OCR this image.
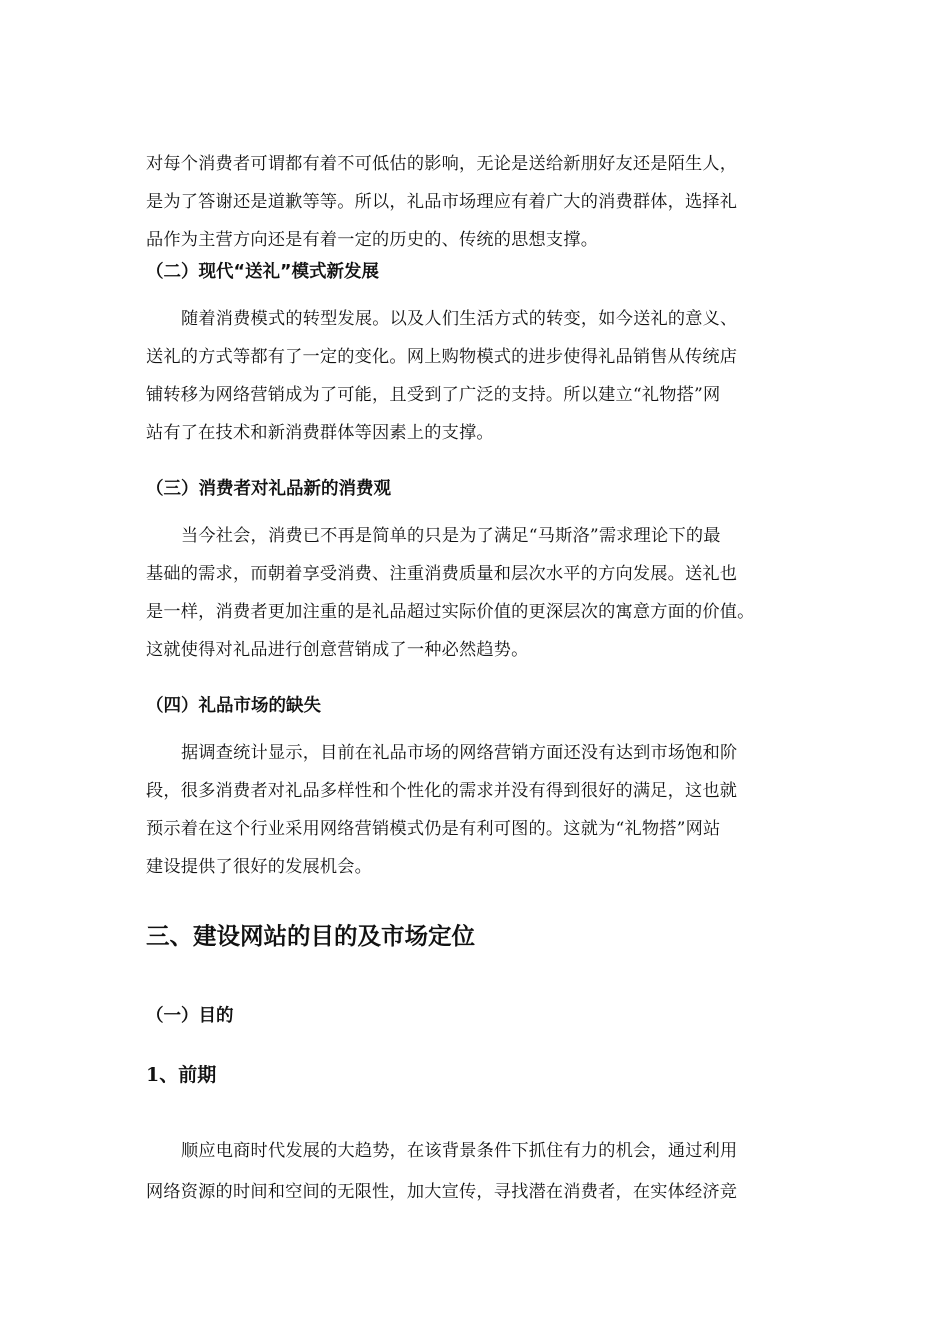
对每个消费者可谓都有着不可低估的影响，无论是送给新朋好友还是陌生人，
是为了答谢还是道歉等等。所以，礼品市场理应有着广大的消费群体，选择礼
品作为主营方向还是有着一定的历史的、传统的思想支撑。
（二）现代“送礼”模式新发展
随着消费模式的转型发展。以及人们生活方式的转变，如今送礼的意义、
送礼的方式等都有了一定的变化。网上购物模式的进步使得礼品销售从传统店
铺转移为网络营销成为了可能，且受到了广泛的支持。所以建立“礼物搭”网
站有了在技术和新消费群体等因素上的支撑。
（三）消费者对礼品新的消费观
当今社会，消费已不再是简单的只是为了满足“马斯洛”需求理论下的最
基础的需求，而朝着享受消费、注重消费质量和层次水平的方向发展。送礼也
是一样，消费者更加注重的是礼品超过实际价值的更深层次的寓意方面的价值。
这就使得对礼品进行创意营销成了一种必然趋势。
（四）礼品市场的缺失
据调查统计显示，目前在礼品市场的网络营销方面还没有达到市场饱和阶
段，很多消费者对礼品多样性和个性化的需求并没有得到很好的满足，这也就
预示着在这个行业采用网络营销模式仍是有利可图的。这就为“礼物搭”网站
建设提供了很好的发展机会。
三、建设网站的目的及市场定位
（一）目的
1、前期
顺应电商时代发展的大趋势，在该背景条件下抓住有力的机会，通过利用
网络资源的时间和空间的无限性，加大宣传，寻找潜在消费者，在实体经济竞
